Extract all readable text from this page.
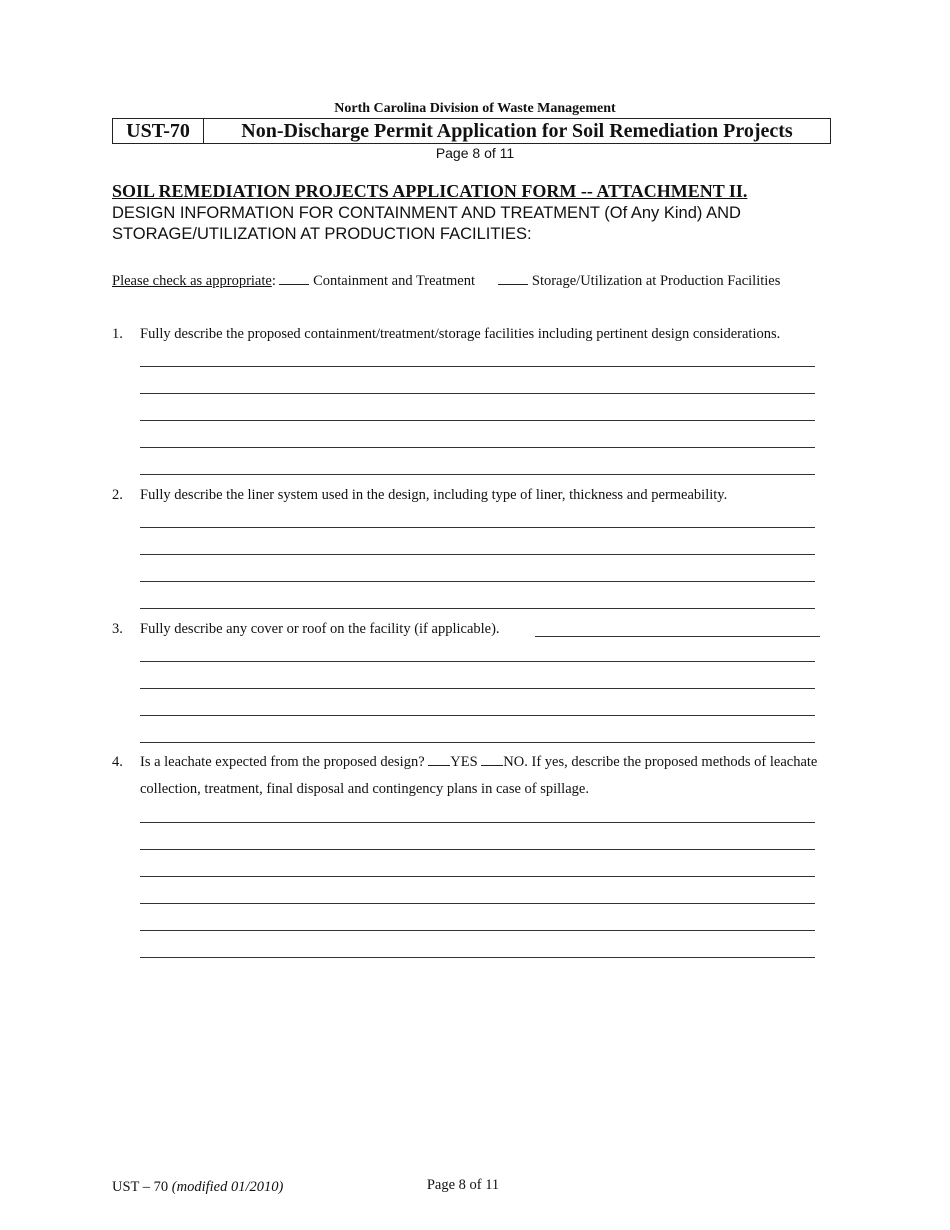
North Carolina Division of Waste Management
UST-70	Non-Discharge Permit Application for Soil Remediation Projects
Page 8 of 11
SOIL REMEDIATION PROJECTS APPLICATION FORM -- ATTACHMENT II.
DESIGN INFORMATION FOR CONTAINMENT AND TREATMENT (Of Any Kind) AND STORAGE/UTILIZATION AT PRODUCTION FACILITIES:
Please check as appropriate:  Containment and Treatment	Storage/Utilization at Production Facilities
1. Fully describe the proposed containment/treatment/storage facilities including pertinent design considerations.
2. Fully describe the liner system used in the design, including type of liner, thickness and permeability.
3. Fully describe any cover or roof on the facility (if applicable).
4. Is a leachate expected from the proposed design? YES NO. If yes, describe the proposed methods of leachate collection, treatment, final disposal and contingency plans in case of spillage.
UST – 70 (modified 01/2010)	Page 8 of 11
